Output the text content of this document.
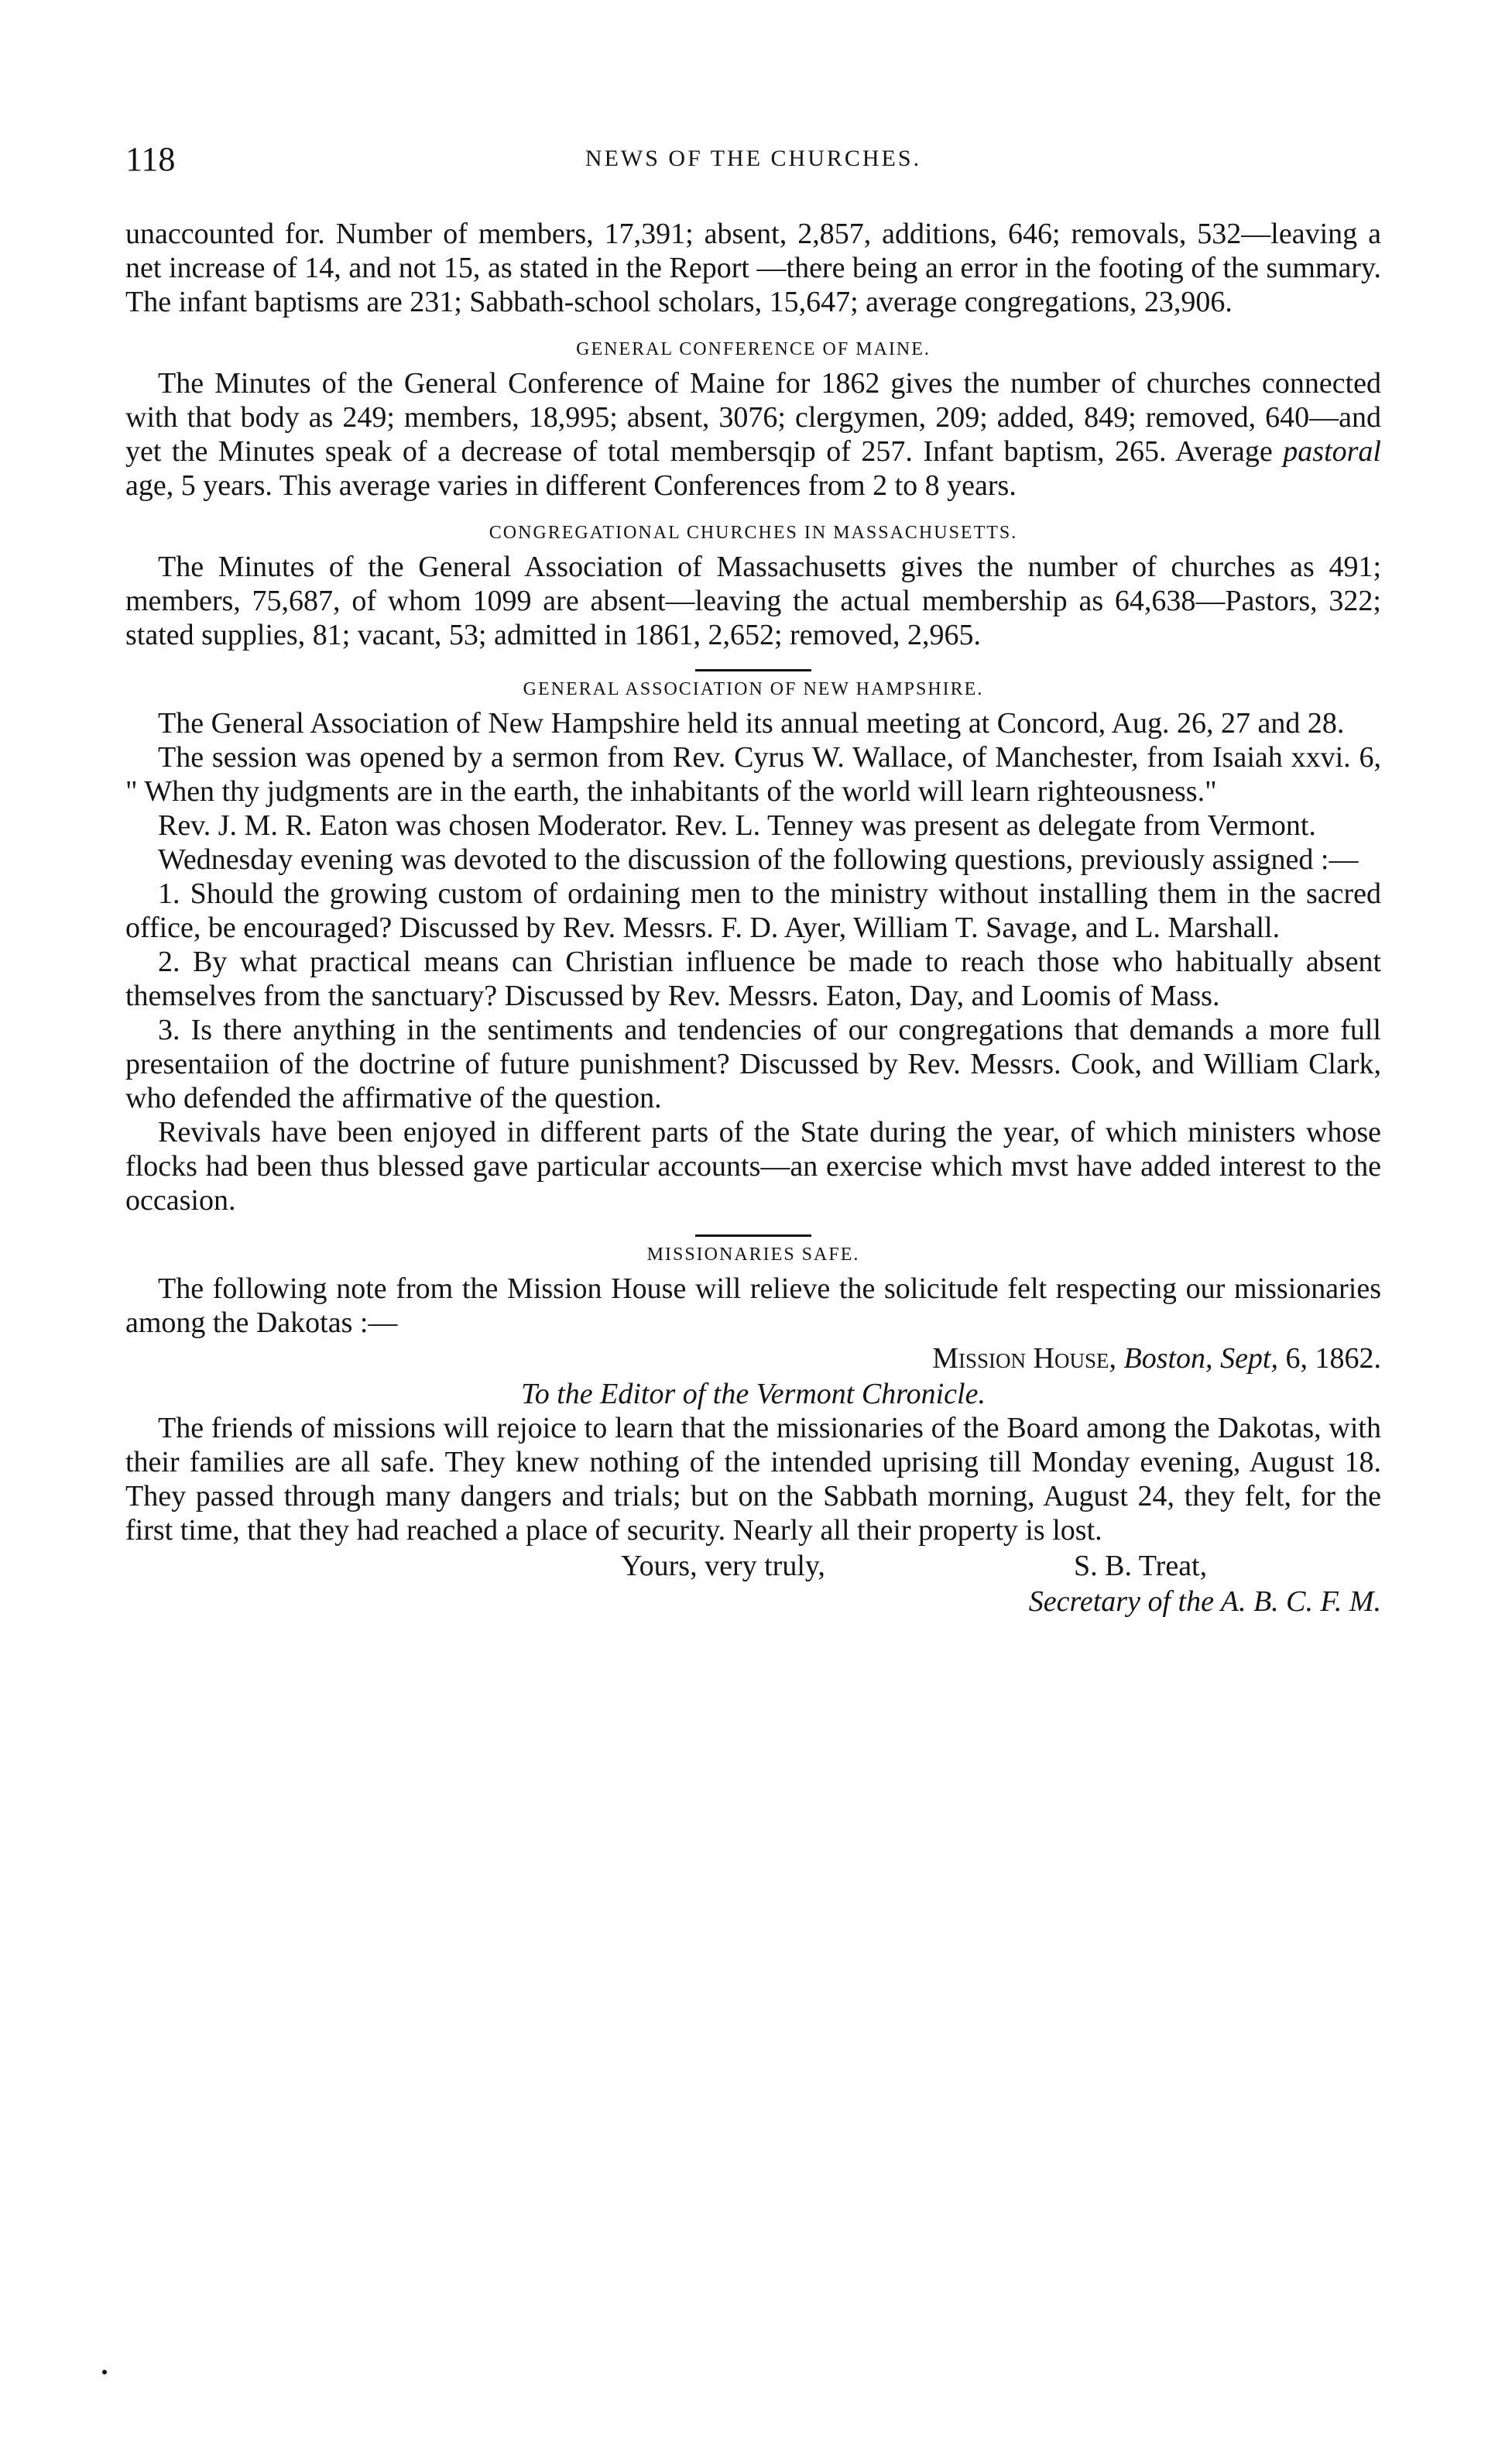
118	NEWS OF THE CHURCHES.

unaccounted for. Number of members, 17,391; absent, 2,857, additions, 646; removals, 532—leaving a net increase of 14, and not 15, as stated in the Report —there being an error in the footing of the summary. The infant baptisms are 231; Sabbath-school scholars, 15,647; average congregations, 23,906.

GENERAL CONFERENCE OF MAINE.

The Minutes of the General Conference of Maine for 1862 gives the number of churches connected with that body as 249; members, 18,995; absent, 3076; clergymen, 209; added, 849; removed, 640—and yet the Minutes speak of a decrease of total membersqip of 257. Infant baptism, 265. Average pastoral age, 5 years. This average varies in different Conferences from 2 to 8 years.

CONGREGATIONAL CHURCHES IN MASSACHUSETTS.

The Minutes of the General Association of Massachusetts gives the number of churches as 491; members, 75,687, of whom 1099 are absent—leaving the actual membership as 64,638—Pastors, 322; stated supplies, 81; vacant, 53; admitted in 1861, 2,652; removed, 2,965.

GENERAL ASSOCIATION OF NEW HAMPSHIRE.

The General Association of New Hampshire held its annual meeting at Concord, Aug. 26, 27 and 28.

The session was opened by a sermon from Rev. Cyrus W. Wallace, of Manchester, from Isaiah xxvi. 6, " When thy judgments are in the earth, the inhabitants of the world will learn righteousness."

Rev. J. M. R. Eaton was chosen Moderator. Rev. L. Tenney was present as delegate from Vermont.

Wednesday evening was devoted to the discussion of the following questions, previously assigned :—

1. Should the growing custom of ordaining men to the ministry without installing them in the sacred office, be encouraged? Discussed by Rev. Messrs. F. D. Ayer, William T. Savage, and L. Marshall.

2. By what practical means can Christian influence be made to reach those who habitually absent themselves from the sanctuary? Discussed by Rev. Messrs. Eaton, Day, and Loomis of Mass.

3. Is there anything in the sentiments and tendencies of our congregations that demands a more full presentaiion of the doctrine of future punishment? Discussed by Rev. Messrs. Cook, and William Clark, who defended the affirmative of the question.

Revivals have been enjoyed in different parts of the State during the year, of which ministers whose flocks had been thus blessed gave particular accounts—an exercise which mvst have added interest to the occasion.

MISSIONARIES SAFE.

The following note from the Mission House will relieve the solicitude felt respecting our missionaries among the Dakotas :—

Mission House, Boston, Sept, 6, 1862.

To the Editor of the Vermont Chronicle.

The friends of missions will rejoice to learn that the missionaries of the Board among the Dakotas, with their families are all safe. They knew nothing of the intended uprising till Monday evening, August 18. They passed through many dangers and trials; but on the Sabbath morning, August 24, they felt, for the first time, that they had reached a place of security. Nearly all their property is lost.

Yours, very truly,	S. B. Treat,
Secretary of the A. B. C. F. M.
